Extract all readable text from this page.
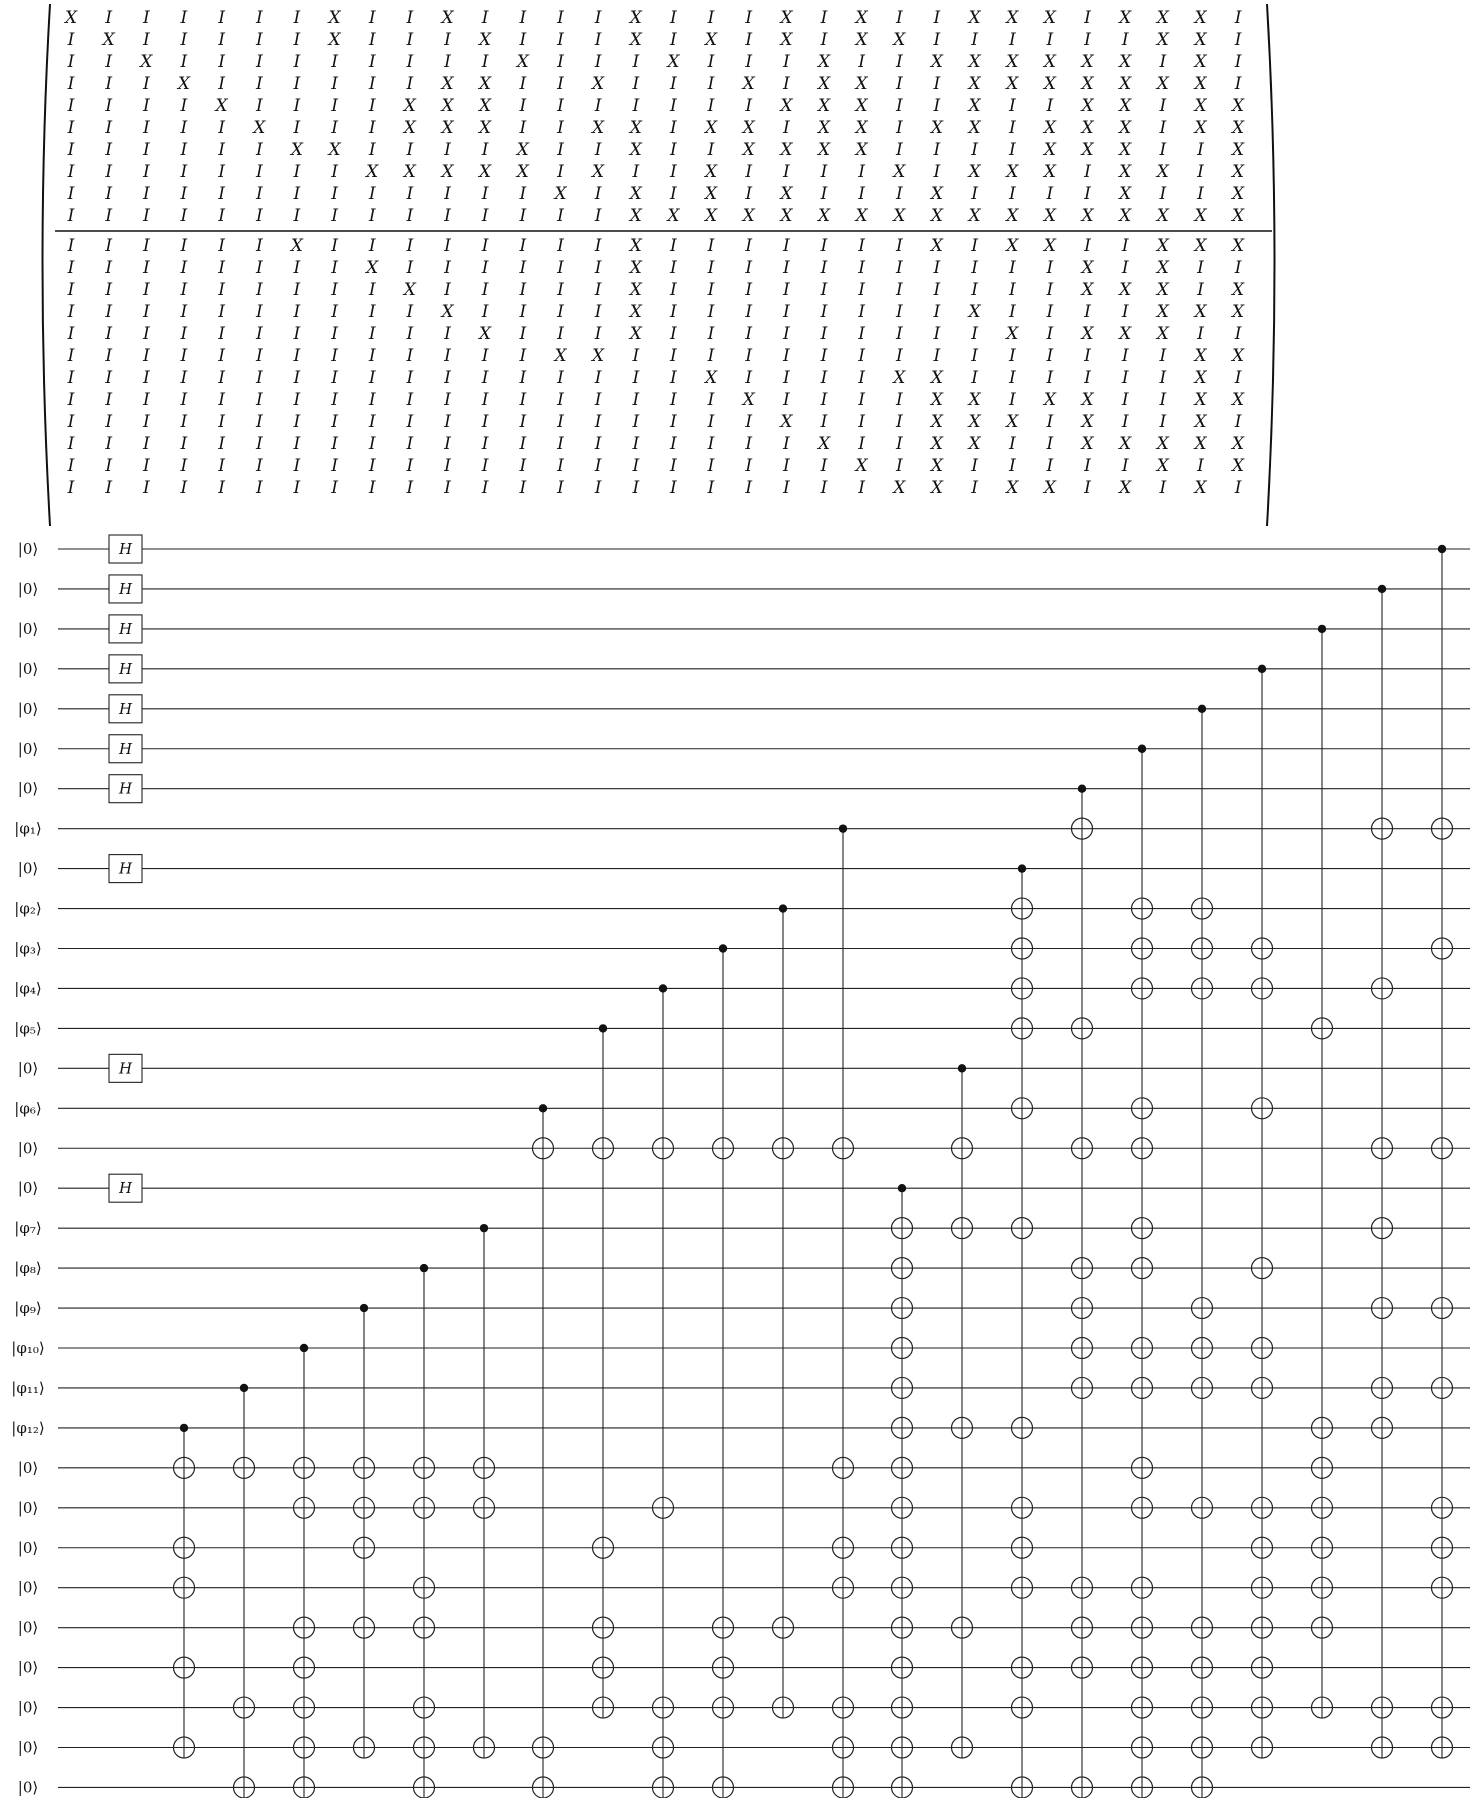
X I I I I I I X I I X I I I I X I I I X I X I I X X X I X X X I
I X I I I I I X I I I X I I I X I X I X I X X I I I I I I X X I
I I X I I I I I I I I I X I I I X I I I X I I X X X X X X I X I
I I I X I I I I I I X X I I X I I I X I X X I I X X X X X X X I
I I I I X I I I I X X X I I I I I I I X X X I I X I I X X I X X
I I I I I X I I I X X X I I X X I X X I X X I X X I X X X I X X
I I I I I I X X I I I I X I I X I I X X X X I I I I X X X I I X
I I I I I I I I X X X X X I X I I X I I I I X I X X X I X X I X
I I I I I I I I I I I I I X I X I X I X I I I X I I I I X I I X
I I I I I I I I I I I I I I I X X X X X X X X X X X X X X X X X
I I I I I I X I I I I I I I I X I I I I I I I X I X X I I X X X
I I I I I I I I X I I I I I I X I I I I I I I I I I I X I X I I
I I I I I I I I I X I I I I I X I I I I I I I I I I I X X X I X
I I I I I I I I I I X I I I I X I I I I I I I I X I I I I X X X
I I I I I I I I I I I X I I I X I I I I I I I I I X I X X X I I
I I I I I I I I I I I I I X X I I I I I I I I I I I I I I I X X
I I I I I I I I I I I I I I I I I X I I I I X X I I I I I I X I
I I I I I I I I I I I I I I I I I I X I I I I X X I X X I I X X
I I I I I I I I I I I I I I I I I I I X I I I X X X I X I I X I
I I I I I I I I I I I I I I I I I I I I X I I X X I I X X X X X
I I I I I I I I I I I I I I I I I I I I I X I X I I I I I X I X
I I I I I I I I I I I I I I I I I I I I I I X X I X X I X I X I
|0⟩
|0⟩
|0⟩
|0⟩
|0⟩
|0⟩
|0⟩
|φ₁⟩
|0⟩
|φ₂⟩
|φ₃⟩
|φ₄⟩
|φ₅⟩
|0⟩
|φ₆⟩
|0⟩
|0⟩
|φ₇⟩
|φ₈⟩
|φ₉⟩
|φ₁₀⟩
|φ₁₁⟩
|φ₁₂⟩
|0⟩
|0⟩
|0⟩
|0⟩
|0⟩
|0⟩
|0⟩
|0⟩
|0⟩
H
H
H
H
H
H
H
H
H
H
